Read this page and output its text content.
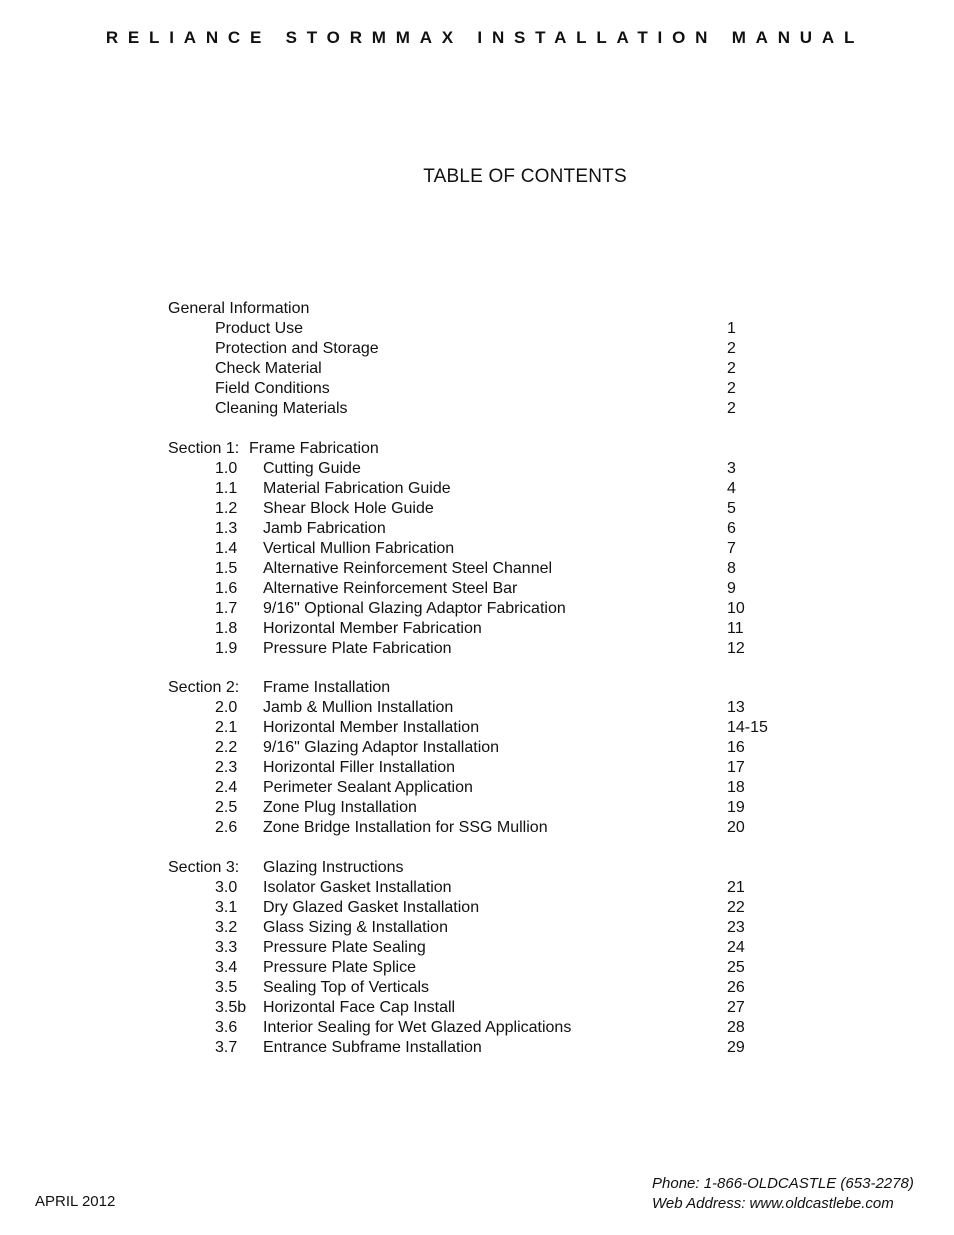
RELIANCE STORMMAX INSTALLATION MANUAL
TABLE OF CONTENTS
General Information
Product Use	1
Protection and Storage	2
Check Material	2
Field Conditions	2
Cleaning Materials	2
Section 1: Frame Fabrication
1.0 Cutting Guide	3
1.1 Material Fabrication Guide	4
1.2 Shear Block Hole Guide	5
1.3 Jamb Fabrication	6
1.4 Vertical Mullion Fabrication	7
1.5 Alternative Reinforcement Steel Channel	8
1.6 Alternative Reinforcement Steel Bar	9
1.7 9/16" Optional Glazing Adaptor Fabrication	10
1.8 Horizontal Member Fabrication	11
1.9 Pressure Plate Fabrication	12
Section 2: Frame Installation
2.0 Jamb & Mullion Installation	13
2.1 Horizontal Member Installation	14-15
2.2 9/16" Glazing Adaptor Installation	16
2.3 Horizontal Filler Installation	17
2.4 Perimeter Sealant Application	18
2.5 Zone Plug Installation	19
2.6 Zone Bridge Installation for SSG Mullion	20
Section 3: Glazing Instructions
3.0 Isolator Gasket Installation	21
3.1 Dry Glazed Gasket Installation	22
3.2 Glass Sizing & Installation	23
3.3 Pressure Plate Sealing	24
3.4 Pressure Plate Splice	25
3.5 Sealing Top of Verticals	26
3.5b Horizontal Face Cap Install	27
3.6 Interior Sealing for Wet Glazed Applications	28
3.7 Entrance Subframe Installation	29
APRIL 2012
Phone: 1-866-OLDCASTLE (653-2278)
Web Address: www.oldcastlebe.com
